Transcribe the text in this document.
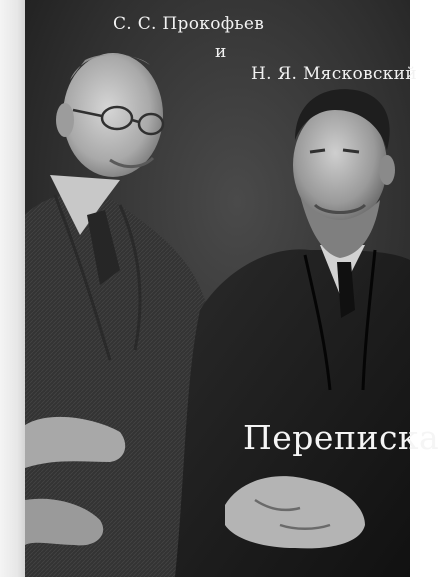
С. С. Прокофьев
и
Н. Я. Мясковский
Переписка
